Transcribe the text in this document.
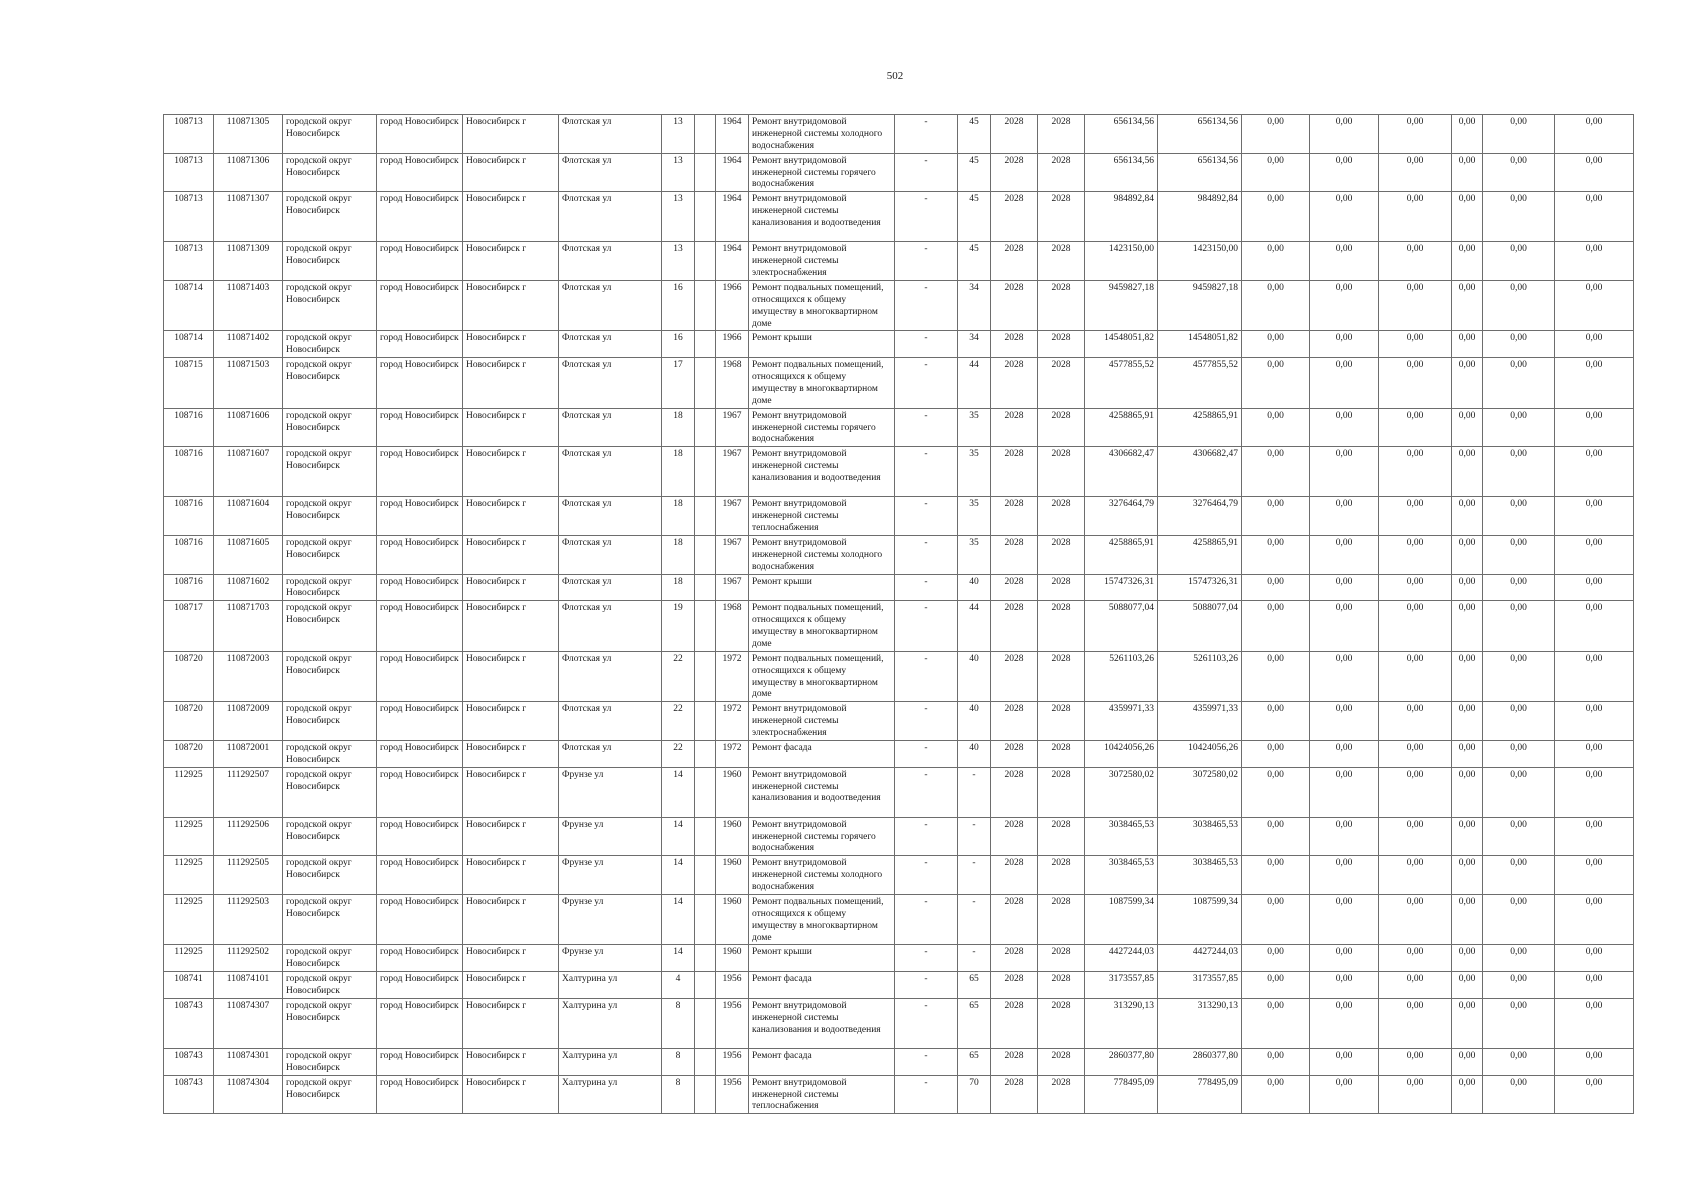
502
108713	110871305	городской округ Новосибирск	город Новосибирск	Новосибирск г	Флотская ул	13		1964	Ремонт внутридомовой инженерной системы холодного водоснабжения	-	45	2028	2028	656134,56	656134,56	0,00	0,00	0,00	0,00	0,00	0,00
108713	110871306	городской округ Новосибирск	город Новосибирск	Новосибирск г	Флотская ул	13		1964	Ремонт внутридомовой инженерной системы горячего водоснабжения	-	45	2028	2028	656134,56	656134,56	0,00	0,00	0,00	0,00	0,00	0,00
108713	110871307	городской округ Новосибирск	город Новосибирск	Новосибирск г	Флотская ул	13		1964	Ремонт внутридомовой инженерной системы канализования и водоотведения	-	45	2028	2028	984892,84	984892,84	0,00	0,00	0,00	0,00	0,00	0,00
108713	110871309	городской округ Новосибирск	город Новосибирск	Новосибирск г	Флотская ул	13		1964	Ремонт внутридомовой инженерной системы электроснабжения	-	45	2028	2028	1423150,00	1423150,00	0,00	0,00	0,00	0,00	0,00	0,00
108714	110871403	городской округ Новосибирск	город Новосибирск	Новосибирск г	Флотская ул	16		1966	Ремонт подвальных помещений, относящихся к общему имуществу в многоквартирном доме	-	34	2028	2028	9459827,18	9459827,18	0,00	0,00	0,00	0,00	0,00	0,00
108714	110871402	городской округ Новосибирск	город Новосибирск	Новосибирск г	Флотская ул	16		1966	Ремонт крыши	-	34	2028	2028	14548051,82	14548051,82	0,00	0,00	0,00	0,00	0,00	0,00
108715	110871503	городской округ Новосибирск	город Новосибирск	Новосибирск г	Флотская ул	17		1968	Ремонт подвальных помещений, относящихся к общему имуществу в многоквартирном доме	-	44	2028	2028	4577855,52	4577855,52	0,00	0,00	0,00	0,00	0,00	0,00
108716	110871606	городской округ Новосибирск	город Новосибирск	Новосибирск г	Флотская ул	18		1967	Ремонт внутридомовой инженерной системы горячего водоснабжения	-	35	2028	2028	4258865,91	4258865,91	0,00	0,00	0,00	0,00	0,00	0,00
108716	110871607	городской округ Новосибирск	город Новосибирск	Новосибирск г	Флотская ул	18		1967	Ремонт внутридомовой инженерной системы канализования и водоотведения	-	35	2028	2028	4306682,47	4306682,47	0,00	0,00	0,00	0,00	0,00	0,00
108716	110871604	городской округ Новосибирск	город Новосибирск	Новосибирск г	Флотская ул	18		1967	Ремонт внутридомовой инженерной системы теплоснабжения	-	35	2028	2028	3276464,79	3276464,79	0,00	0,00	0,00	0,00	0,00	0,00
108716	110871605	городской округ Новосибирск	город Новосибирск	Новосибирск г	Флотская ул	18		1967	Ремонт внутридомовой инженерной системы холодного водоснабжения	-	35	2028	2028	4258865,91	4258865,91	0,00	0,00	0,00	0,00	0,00	0,00
108716	110871602	городской округ Новосибирск	город Новосибирск	Новосибирск г	Флотская ул	18		1967	Ремонт крыши	-	40	2028	2028	15747326,31	15747326,31	0,00	0,00	0,00	0,00	0,00	0,00
108717	110871703	городской округ Новосибирск	город Новосибирск	Новосибирск г	Флотская ул	19		1968	Ремонт подвальных помещений, относящихся к общему имуществу в многоквартирном доме	-	44	2028	2028	5088077,04	5088077,04	0,00	0,00	0,00	0,00	0,00	0,00
108720	110872003	городской округ Новосибирск	город Новосибирск	Новосибирск г	Флотская ул	22		1972	Ремонт подвальных помещений, относящихся к общему имуществу в многоквартирном доме	-	40	2028	2028	5261103,26	5261103,26	0,00	0,00	0,00	0,00	0,00	0,00
108720	110872009	городской округ Новосибирск	город Новосибирск	Новосибирск г	Флотская ул	22		1972	Ремонт внутридомовой инженерной системы электроснабжения	-	40	2028	2028	4359971,33	4359971,33	0,00	0,00	0,00	0,00	0,00	0,00
108720	110872001	городской округ Новосибирск	город Новосибирск	Новосибирск г	Флотская ул	22		1972	Ремонт фасада	-	40	2028	2028	10424056,26	10424056,26	0,00	0,00	0,00	0,00	0,00	0,00
112925	111292507	городской округ Новосибирск	город Новосибирск	Новосибирск г	Фрунзе ул	14		1960	Ремонт внутридомовой инженерной системы канализования и водоотведения	-	-	2028	2028	3072580,02	3072580,02	0,00	0,00	0,00	0,00	0,00	0,00
112925	111292506	городской округ Новосибирск	город Новосибирск	Новосибирск г	Фрунзе ул	14		1960	Ремонт внутридомовой инженерной системы горячего водоснабжения	-	-	2028	2028	3038465,53	3038465,53	0,00	0,00	0,00	0,00	0,00	0,00
112925	111292505	городской округ Новосибирск	город Новосибирск	Новосибирск г	Фрунзе ул	14		1960	Ремонт внутридомовой инженерной системы холодного водоснабжения	-	-	2028	2028	3038465,53	3038465,53	0,00	0,00	0,00	0,00	0,00	0,00
112925	111292503	городской округ Новосибирск	город Новосибирск	Новосибирск г	Фрунзе ул	14		1960	Ремонт подвальных помещений, относящихся к общему имуществу в многоквартирном доме	-	-	2028	2028	1087599,34	1087599,34	0,00	0,00	0,00	0,00	0,00	0,00
112925	111292502	городской округ Новосибирск	город Новосибирск	Новосибирск г	Фрунзе ул	14		1960	Ремонт крыши	-	-	2028	2028	4427244,03	4427244,03	0,00	0,00	0,00	0,00	0,00	0,00
108741	110874101	городской округ Новосибирск	город Новосибирск	Новосибирск г	Халтурина ул	4		1956	Ремонт фасада	-	65	2028	2028	3173557,85	3173557,85	0,00	0,00	0,00	0,00	0,00	0,00
108743	110874307	городской округ Новосибирск	город Новосибирск	Новосибирск г	Халтурина ул	8		1956	Ремонт внутридомовой инженерной системы канализования и водоотведения	-	65	2028	2028	313290,13	313290,13	0,00	0,00	0,00	0,00	0,00	0,00
108743	110874301	городской округ Новосибирск	город Новосибирск	Новосибирск г	Халтурина ул	8		1956	Ремонт фасада	-	65	2028	2028	2860377,80	2860377,80	0,00	0,00	0,00	0,00	0,00	0,00
108743	110874304	городской округ Новосибирск	город Новосибирск	Новосибирск г	Халтурина ул	8		1956	Ремонт внутридомовой инженерной системы теплоснабжения	-	70	2028	2028	778495,09	778495,09	0,00	0,00	0,00	0,00	0,00	0,00
